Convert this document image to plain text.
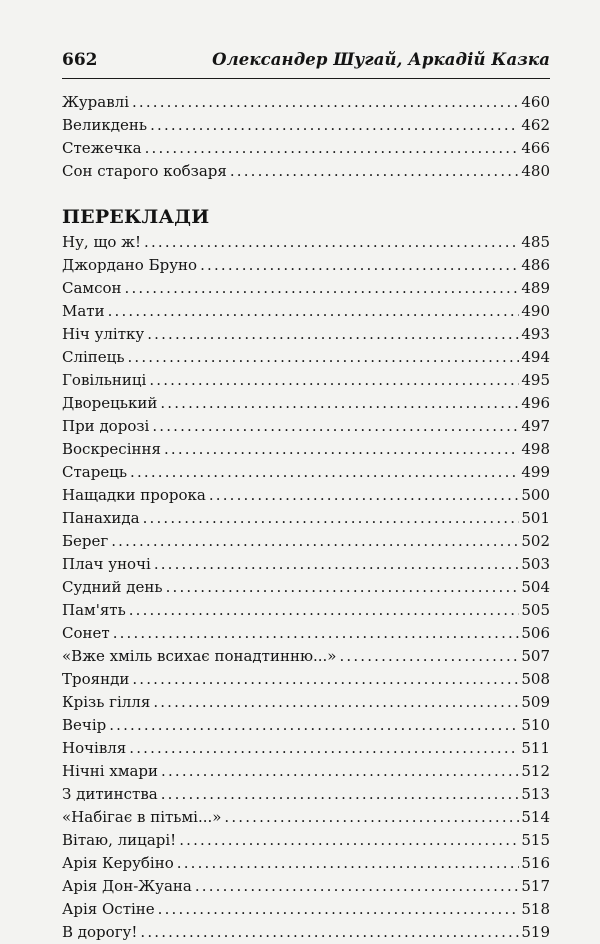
662	Олександер Шугай, Аркадій Казка
Журавлі . . .	460
Великдень . . .	462
Стежечка . . .	466
Сон старого кобзаря . . .	480
ПЕРЕКЛАДИ
Ну, що ж! . . .	485
Джордано Бруно . . .	486
Самсон . . .	489
Мати . . .	490
Ніч улітку . . .	493
Сліпець . . .	494
Говільниці . . .	495
Дворецький . . .	496
При дорозі . . .	497
Воскресіння . . .	498
Старець . . .	499
Нащадки пророка . . .	500
Панахида . . .	501
Берег . . .	502
Плач уночі . . .	503
Судний день . . .	504
Пам'ять . . .	505
Сонет . . .	506
«Вже хміль всихає понадтинню...» . . .	507
Троянди . . .	508
Крізь гілля . . .	509
Вечір . . .	510
Ночівля . . .	511
Нічні хмари . . .	512
З дитинства . . .	513
«Набігає в пітьмі...» . . .	514
Вітаю, лицарі! . . .	515
Арія Керубіно . . .	516
Арія Дон-Жуана . . .	517
Арія Остіне . . .	518
В дорогу! . . .	519
